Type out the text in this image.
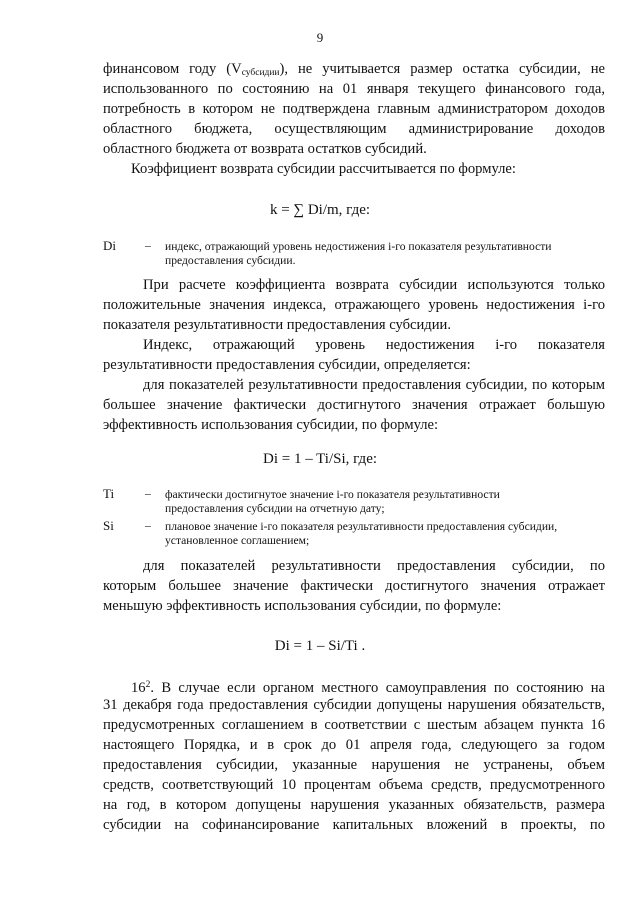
9
финансовом году $(V_{субсидии})$, не учитывается размер остатка субсидии, не
использованного по состоянию на 01 января текущего финансового года,
потребность в котором не подтверждена главным администратором доходов
областного бюджета, осуществляющим администрирование доходов
областного бюджета от возврата остатков субсидий.
Коэффициент возврата субсидии рассчитывается по формуле:
k = ∑ Di/m, где:
Di	– индекс, отражающий уровень недостижения i-го показателя результативности
предоставления субсидии.
При расчете коэффициента возврата субсидии используются только
положительные значения индекса, отражающего уровень недостижения i-го
показателя результативности предоставления субсидии.
Индекс, отражающий уровень недостижения i-го показателя
результативности предоставления субсидии, определяется:
для показателей результативности предоставления субсидии, по которым
большее значение фактически достигнутого значения отражает большую
эффективность использования субсидии, по формуле:
Di = 1 – Ti/Si, где:
Ti	– фактически достигнутое значение i-го показателя результативности
предоставления субсидии на отчетную дату;
Si	– плановое значение i-го показателя результативности предоставления субсидии,
установленное соглашением;
для показателей результативности предоставления субсидии, по
которым большее значение фактически достигнутого значения отражает
меньшую эффективность использования субсидии, по формуле:
Di = 1 – Si/Ti .
$16^2$. В случае если органом местного самоуправления по состоянию на
31 декабря года предоставления субсидии допущены нарушения обязательств,
предусмотренных соглашением в соответствии с шестым абзацем пункта 16
настоящего Порядка, и в срок до 01 апреля года, следующего за годом
предоставления субсидии, указанные нарушения не устранены, объем
средств, соответствующий 10 процентам объема средств, предусмотренного
на год, в котором допущены нарушения указанных обязательств, размера
субсидии на софинансирование капитальных вложений в проекты, по
